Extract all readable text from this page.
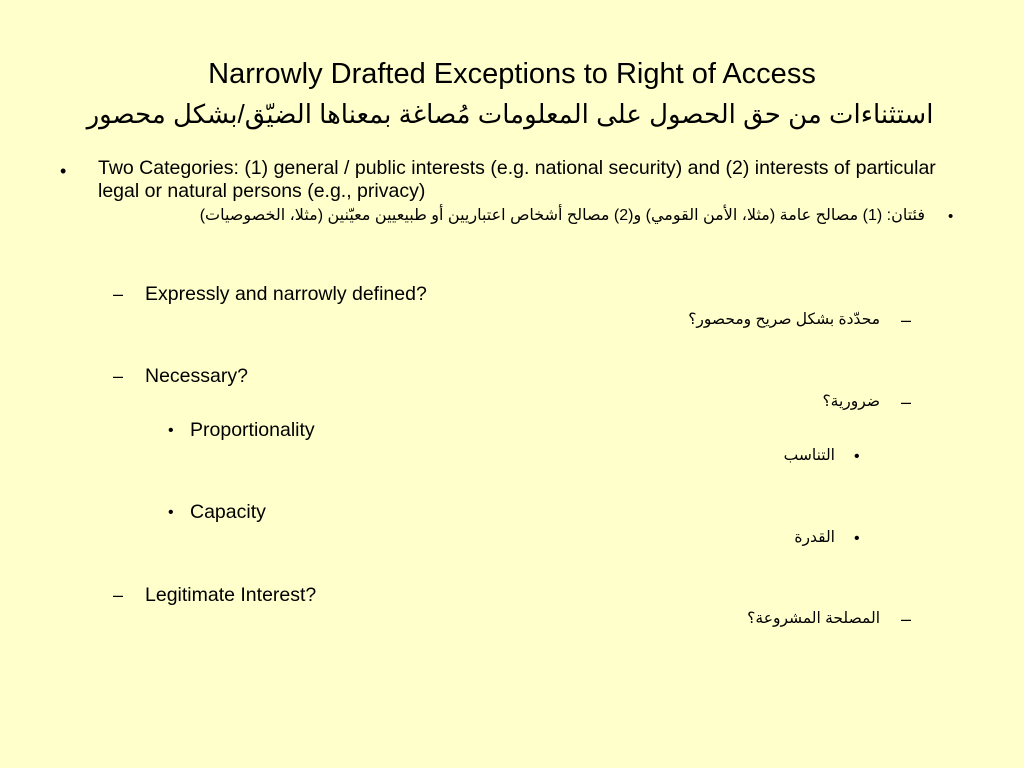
Narrowly Drafted Exceptions to Right of Access
استثناءات من حق الحصول على المعلومات مُصاغة بمعناها الضيّق/بشكل محصور
• Two Categories: (1) general / public interests (e.g. national security) and (2) interests of particular legal or natural persons (e.g., privacy)
فئتان: (1) مصالح عامة (مثلا، الأمن القومي) و(2) مصالح أشخاص اعتباريين أو طبيعيين معيّنين (مثلا، الخصوصيات) •
– Expressly and narrowly defined?
محدّدة بشكل صريح ومحصور؟ –
– Necessary?
ضرورية؟ –
• Proportionality
التناسب •
• Capacity
القدرة •
– Legitimate Interest?
المصلحة المشروعة؟ –
